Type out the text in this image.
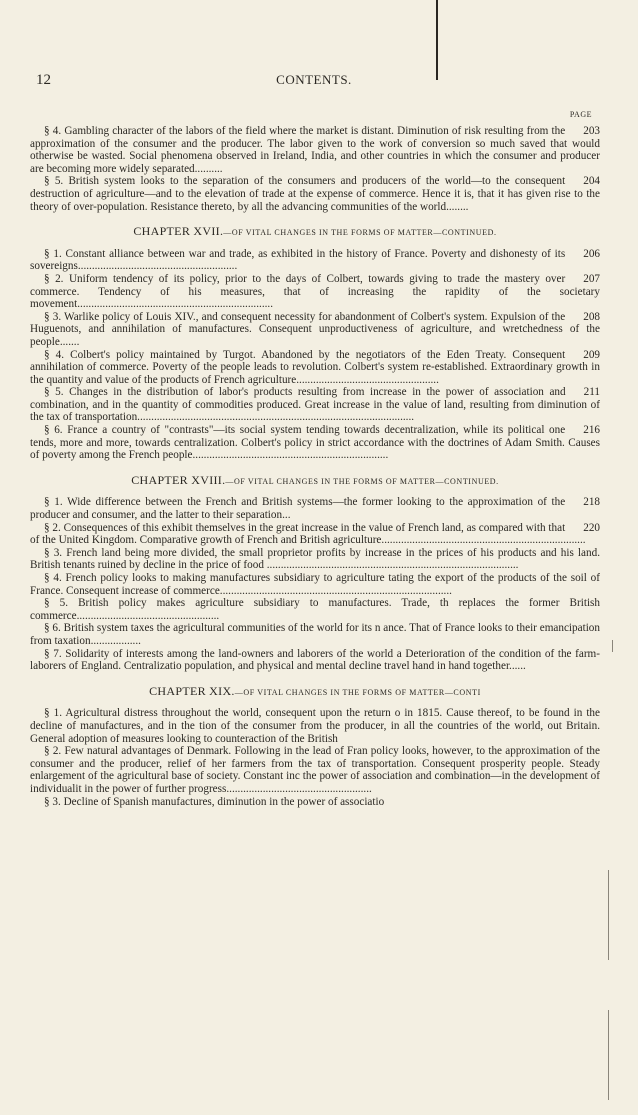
12	CONTENTS.
PAGE

203
§ 4. Gambling character of the labors of the field where the market is distant. Diminution of risk resulting from the approximation of the consumer and the producer. The labor given to the work of conversion so much saved that would otherwise be wasted. Social phenomena observed in Ireland, India, and other countries in which the consumer and producer are becoming more widely separated..........

204
§ 5. British system looks to the separation of the consumers and producers of the world—to the consequent destruction of agriculture—and to the elevation of trade at the expense of commerce. Hence it is, that it has given rise to the theory of over-population. Resistance thereto, by all the advancing communities of the world........

CHAPTER XVII.—OF VITAL CHANGES IN THE FORMS OF MATTER—CONTINUED.

206
§ 1. Constant alliance between war and trade, as exhibited in the history of France. Poverty and dishonesty of its sovereigns.........................................................

207
§ 2. Uniform tendency of its policy, prior to the days of Colbert, towards giving to trade the mastery over commerce. Tendency of his measures, that of increasing the rapidity of the societary movement......................................................................

208
§ 3. Warlike policy of Louis XIV., and consequent necessity for abandonment of Colbert's system. Expulsion of the Huguenots, and annihilation of manufactures. Consequent unproductiveness of agriculture, and wretchedness of the people.......

209
§ 4. Colbert's policy maintained by Turgot. Abandoned by the negotiators of the Eden Treaty. Consequent annihilation of commerce. Poverty of the people leads to revolution. Colbert's system re-established. Extraordinary growth in the quantity and value of the products of French agriculture...................................................

211
§ 5. Changes in the distribution of labor's products resulting from increase in the power of association and combination, and in the quantity of commodities produced. Great increase in the value of land, resulting from diminution of the tax of transportation...................................................................................................

216
§ 6. France a country of "contrasts"—its social system tending towards decentralization, while its political one tends, more and more, towards centralization. Colbert's policy in strict accordance with the doctrines of Adam Smith. Causes of poverty among the French people......................................................................

CHAPTER XVIII.—OF VITAL CHANGES IN THE FORMS OF MATTER—CONTINUED.

218
§ 1. Wide difference between the French and British systems—the former looking to the approximation of the producer and consumer, and the latter to their separation...

220
§ 2. Consequences of this exhibit themselves in the great increase in the value of French land, as compared with that of the United Kingdom. Comparative growth of French and British agriculture.........................................................................

§ 3. French land being more divided, the small proprietor profits by increase in the prices of his products and his land. British tenants ruined by decline in the price of food ..........................................................................................

§ 4. French policy looks to making manufactures subsidiary to agriculture tating the export of the products of the soil of France. Consequent increase of commerce...................................................................................

§ 5. British policy makes agriculture subsidiary to manufactures. Trade, th replaces the former British commerce...................................................

§ 6. British system taxes the agricultural communities of the world for its n ance. That of France looks to their emancipation from taxation..................

§ 7. Solidarity of interests among the land-owners and laborers of the world a Deterioration of the condition of the farm-laborers of England. Centralizatio population, and physical and mental decline travel hand in hand together......

CHAPTER XIX.—OF VITAL CHANGES IN THE FORMS OF MATTER—CONTI

§ 1. Agricultural distress throughout the world, consequent upon the return o in 1815. Cause thereof, to be found in the decline of manufactures, and in the tion of the consumer from the producer, in all the countries of the world, out Britain. General adoption of measures looking to counteraction of the British

§ 2. Few natural advantages of Denmark. Following in the lead of Fran policy looks, however, to the approximation of the consumer and the producer, relief of her farmers from the tax of transportation. Consequent prosperity people. Steady enlargement of the agricultural base of society. Constant inc the power of association and combination—in the development of individualit in the power of further progress....................................................

§ 3. Decline of Spanish manufactures, diminution in the power of associatio
